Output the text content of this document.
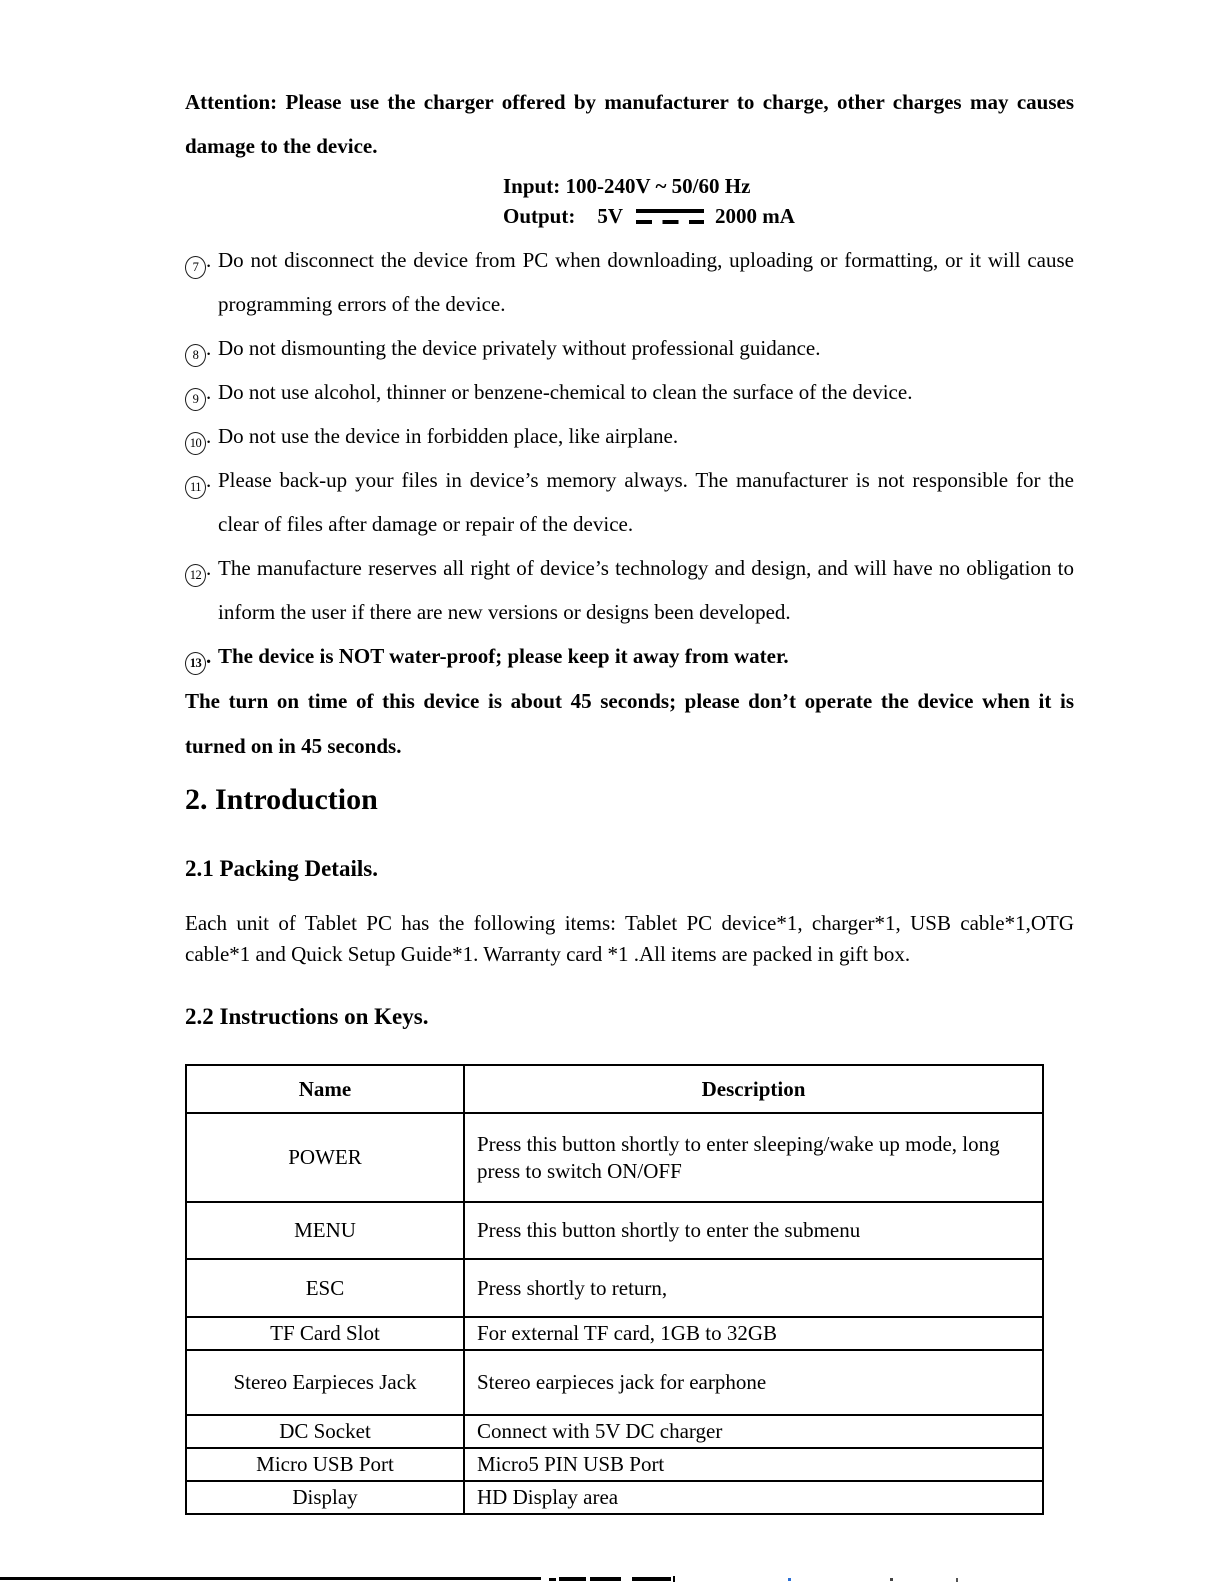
Attention: Please use the charger offered by manufacturer to charge, other charges may causes damage to the device.

Input: 100-240V ~ 50/60 Hz
Output: 5V	2000 mA
7 . Do not disconnect the device from PC when downloading, uploading or formatting, or it will cause programming errors of the device.
8 . Do not dismounting the device privately without professional guidance.
9 . Do not use alcohol, thinner or benzene-chemical to clean the surface of the device.
10 . Do not use the device in forbidden place, like airplane.
11 . Please back-up your files in device’s memory always. The manufacturer is not responsible for the clear of files after damage or repair of the device.
12 . The manufacture reserves all right of device’s technology and design, and will have no obligation to inform the user if there are new versions or designs been developed.
13 . The device is NOT water-proof; please keep it away from water.

The turn on time of this device is about 45 seconds; please don’t operate the device when it is turned on in 45 seconds.

2. Introduction
2.1 Packing Details.

Each unit of Tablet PC has the following items: Tablet PC device*1, charger*1, USB cable*1,OTG cable*1 and Quick Setup Guide*1. Warranty card *1 .All items are packed in gift box.

2.2 Instructions on Keys.
Name	Description
POWER	Press this button shortly to enter sleeping/wake up mode, long press to switch ON/OFF
MENU	Press this button shortly to enter the submenu
ESC	Press shortly to return,
TF Card Slot	For external TF card, 1GB to 32GB
Stereo Earpieces Jack	Stereo earpieces jack for earphone
DC Socket	Connect with 5V DC charger
Micro USB Port	Micro5 PIN USB Port
Display	HD Display area
